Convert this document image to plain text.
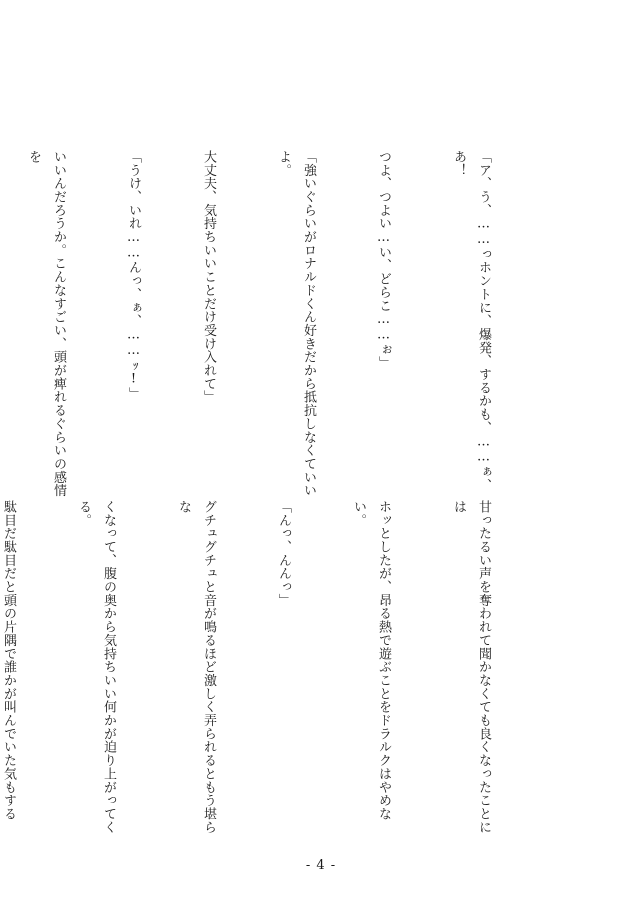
「ア、う、……っホントに、爆発、するかも、……ぁ、あ！

つよ、つよい…い、どらこ……ぉ」

「強いぐらいがロナルドくん好きだから抵抗しなくていいよ。

大丈夫、気持ちいいことだけ受け入れて」

「うけ、いれ……んっ、ぁ、……ｯ!」

いいんだろうか。こんなすごい、頭が痺れるぐらいの感情を

甘ったるい声を奪われて聞かなくても良くなったことには

ホッとしたが、昂る熱で遊ぶことをドラルクはやめない。

「んっ、んんっ」

グチュグチュと音が鳴るほど激しく弄られるともう堪らな

くなって、腹の奥から気持ちいい何かが迫り上がってくる。

駄目だ駄目だと頭の片隅で誰かが叫んでいた気もする

- 4 -
